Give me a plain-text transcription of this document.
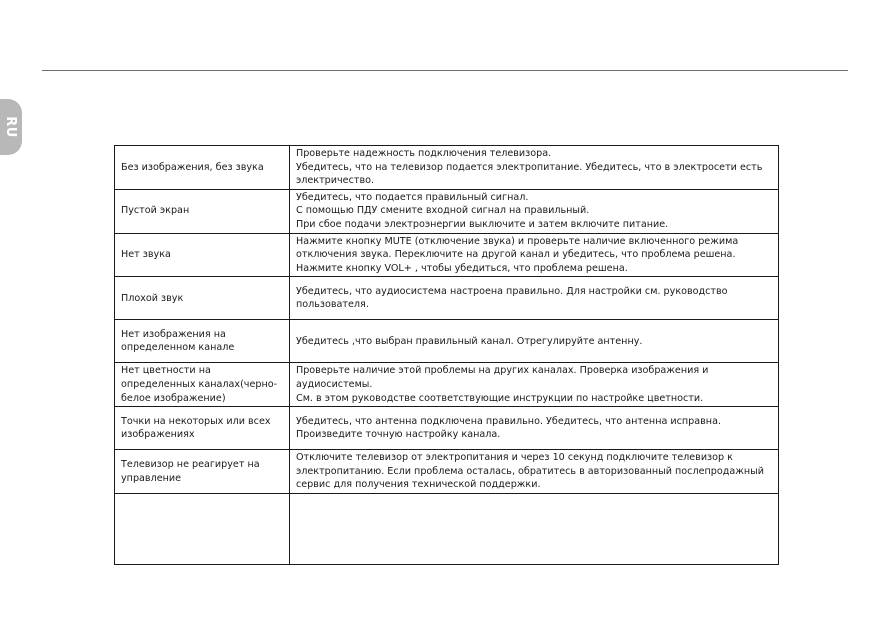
RU
Без изображения, без звука	Проверьте надежность подключения телевизора.
Убедитесь, что на телевизор подается электропитание. Убедитесь, что в электросети есть электричество.
Пустой экран	Убедитесь, что подается правильный сигнал.
С помощью ПДУ смените входной сигнал на правильный.
При сбое подачи электроэнергии выключите и затем включите питание.
Нет звука	Нажмите кнопку MUTE (отключение звука) и проверьте наличие включенного режима отключения звука. Переключите на другой канал и убедитесь, что проблема решена.
Нажмите кнопку VOL+ , чтобы убедиться, что проблема решена.
Плохой звук	Убедитесь, что аудиосистема настроена правильно. Для настройки см. руководство пользователя.
Нет изображения на определенном канале	Убедитесь ,что выбран правильный канал. Отрегулируйте антенну.
Нет цветности на определенных каналах(черно-белое изображение)	Проверьте наличие этой проблемы на других каналах. Проверка изображения и аудиосистемы.
См. в этом руководстве соответствующие инструкции по настройке цветности.
Точки на некоторых или всех изображениях	Убедитесь, что антенна подключена правильно. Убедитесь, что антенна исправна. Произведите точную настройку канала.
Телевизор не реагирует на управление	Отключите телевизор от электропитания и через 10 секунд подключите телевизор к электропитанию. Если проблема осталась, обратитесь в авторизованный послепродажный сервис для получения технической поддержки.
